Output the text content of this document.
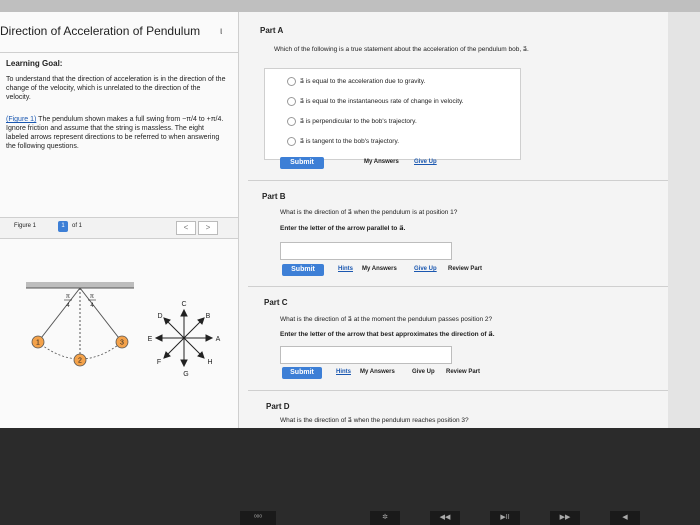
Direction of Acceleration of Pendulum ι
Learning Goal:
To understand that the direction of acceleration is in the direction of the change of the velocity, which is unrelated to the direction of the velocity.
(Figure 1) The pendulum shown makes a full swing from −π/4 to +π/4. Ignore friction and assume that the string is massless. The eight labeled arrows represent directions to be referred to when answering the following questions.
Figure 1	1	of 1	<	>
π
4
π
4
1
2
3
C
B
A
H
G
F
E
D
Part A
Which of the following is a true statement about the acceleration of the pendulum bob, a⃗.
a⃗ is equal to the acceleration due to gravity.
a⃗ is equal to the instantaneous rate of change in velocity.
a⃗ is perpendicular to the bob's trajectory.
a⃗ is tangent to the bob's trajectory.
Submit	My Answers	Give Up
Part B
What is the direction of a⃗ when the pendulum is at position 1?
Enter the letter of the arrow parallel to a⃗.
Submit	Hints My Answers	Give Up Review Part
Part C
What is the direction of a⃗ at the moment the pendulum passes position 2?
Enter the letter of the arrow that best approximates the direction of a⃗.
Submit	Hints My Answers	Give Up Review Part
Part D
What is the direction of a⃗ when the pendulum reaches position 3?
ᵒᵒᵒ	✲	◀◀	▶II	▶▶	◀
